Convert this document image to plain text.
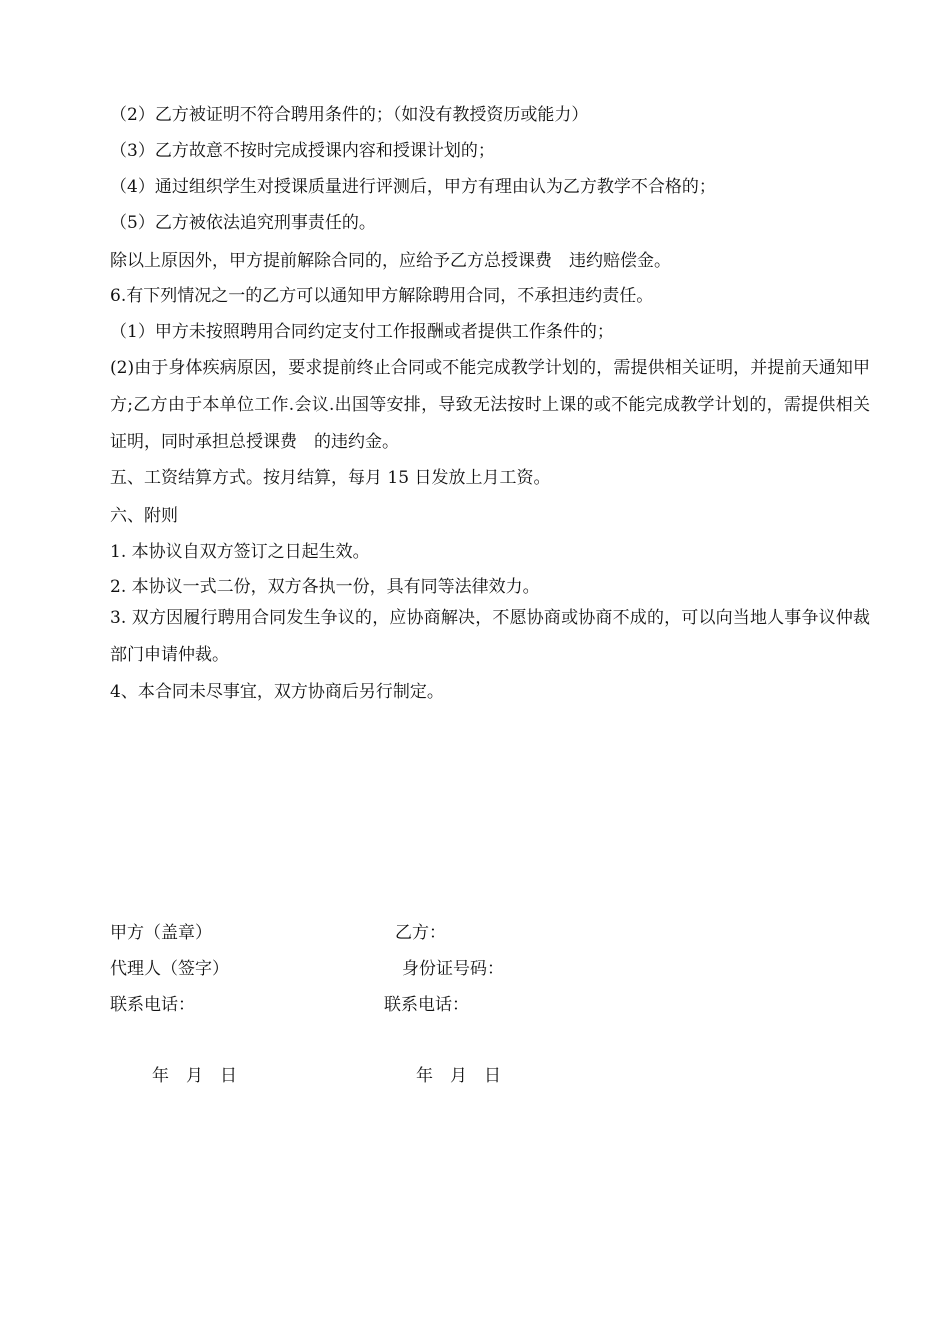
（2）乙方被证明不符合聘用条件的；（如没有教授资历或能力）
（3）乙方故意不按时完成授课内容和授课计划的；
（4）通过组织学生对授课质量进行评测后，甲方有理由认为乙方教学不合格的；
（5）乙方被依法追究刑事责任的。
除以上原因外，甲方提前解除合同的，应给予乙方总授课费　违约赔偿金。
6.有下列情况之一的乙方可以通知甲方解除聘用合同，不承担违约责任。
（1）甲方未按照聘用合同约定支付工作报酬或者提供工作条件的；
(2)由于身体疾病原因，要求提前终止合同或不能完成教学计划的，需提供相关证明，并提前天通知甲方;乙方由于本单位工作.会议.出国等安排，导致无法按时上课的或不能完成教学计划的，需提供相关证明，同时承担总授课费　的违约金。
五、工资结算方式。按月结算，每月 15 日发放上月工资。
六、附则
1. 本协议自双方签订之日起生效。
2. 本协议一式二份，双方各执一份，具有同等法律效力。
3. 双方因履行聘用合同发生争议的，应协商解决，不愿协商或协商不成的，可以向当地人事争议仲裁部门申请仲裁。
4、本合同未尽事宜，双方协商后另行制定。
甲方（盖章）	乙方：
代理人（签字）	身份证号码：
联系电话：	联系电话：
年　月　日	年　月　日
